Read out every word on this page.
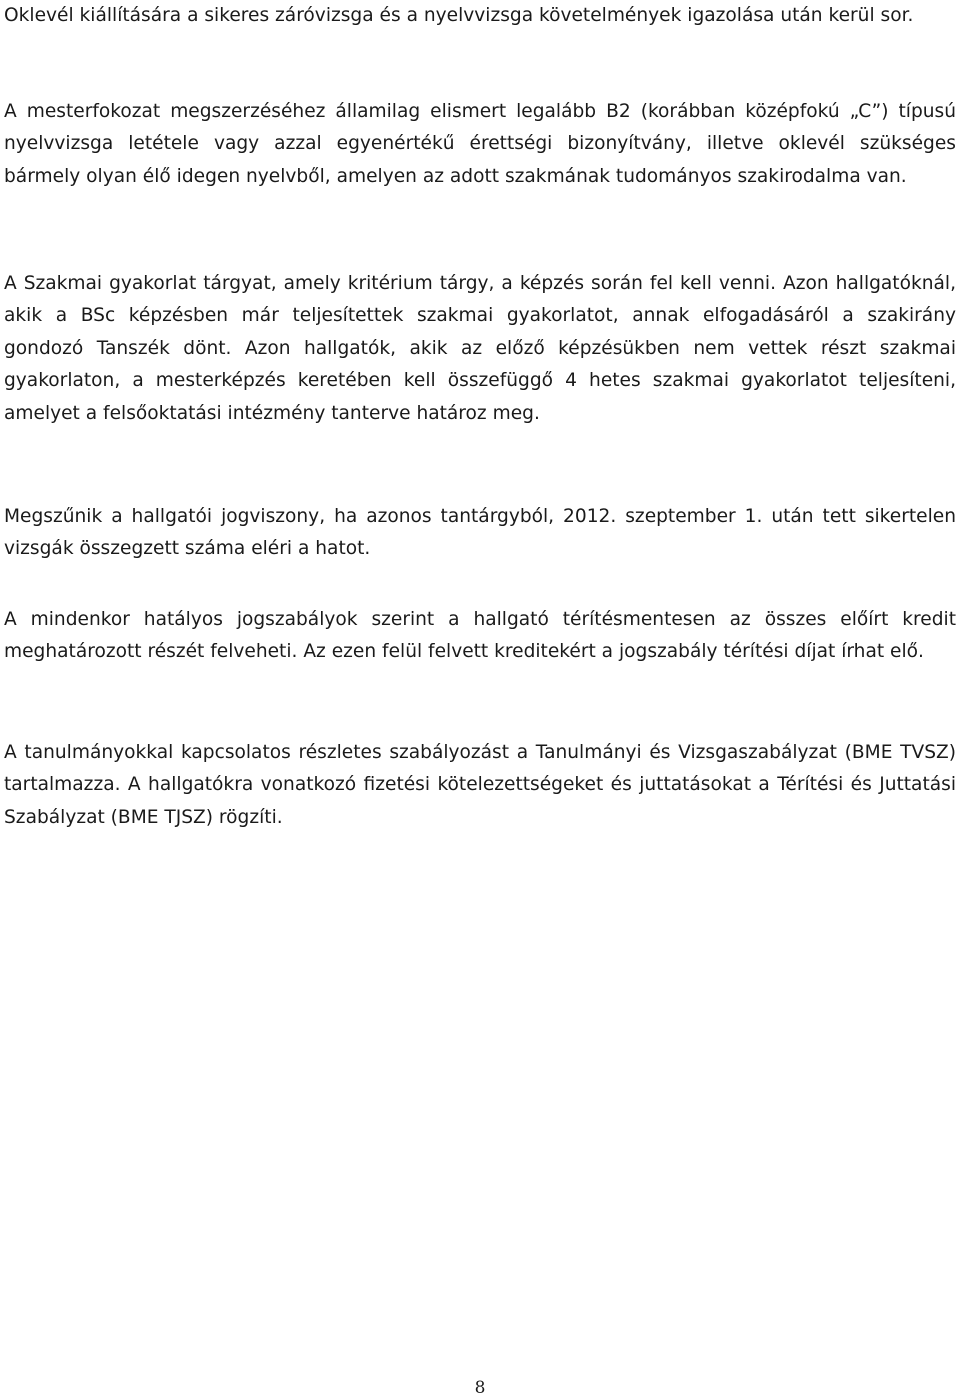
Oklevél kiállítására a sikeres záróvizsga és a nyelvvizsga követelmények igazolása után kerül sor.

A mesterfokozat megszerzéséhez államilag elismert legalább B2 (korábban középfokú „C”) típusú nyelvvizsga letétele vagy azzal egyenértékű érettségi bizonyítvány, illetve oklevél szükséges bármely olyan élő idegen nyelvből, amelyen az adott szakmának tudományos szakirodalma van.

A Szakmai gyakorlat tárgyat, amely kritérium tárgy, a képzés során fel kell venni. Azon hallgatóknál, akik a BSc képzésben már teljesítettek szakmai gyakorlatot, annak elfogadásáról a szakirány gondozó Tanszék dönt. Azon hallgatók, akik az előző képzésükben nem vettek részt szakmai gyakorlaton, a mesterképzés keretében kell összefüggő 4 hetes szakmai gyakorlatot teljesíteni, amelyet a felsőoktatási intézmény tanterve határoz meg.

Megszűnik a hallgatói jogviszony, ha azonos tantárgyból, 2012. szeptember 1. után tett sikertelen vizsgák összegzett száma eléri a hatot.

A mindenkor hatályos jogszabályok szerint a hallgató térítésmentesen az összes előírt kredit meghatározott részét felveheti. Az ezen felül felvett kreditekért a jogszabály térítési díjat írhat elő.

A tanulmányokkal kapcsolatos részletes szabályozást a Tanulmányi és Vizsgaszabályzat (BME TVSZ) tartalmazza. A hallgatókra vonatkozó fizetési kötelezettségeket és juttatásokat a Térítési és Juttatási Szabályzat (BME TJSZ) rögzíti.

8
